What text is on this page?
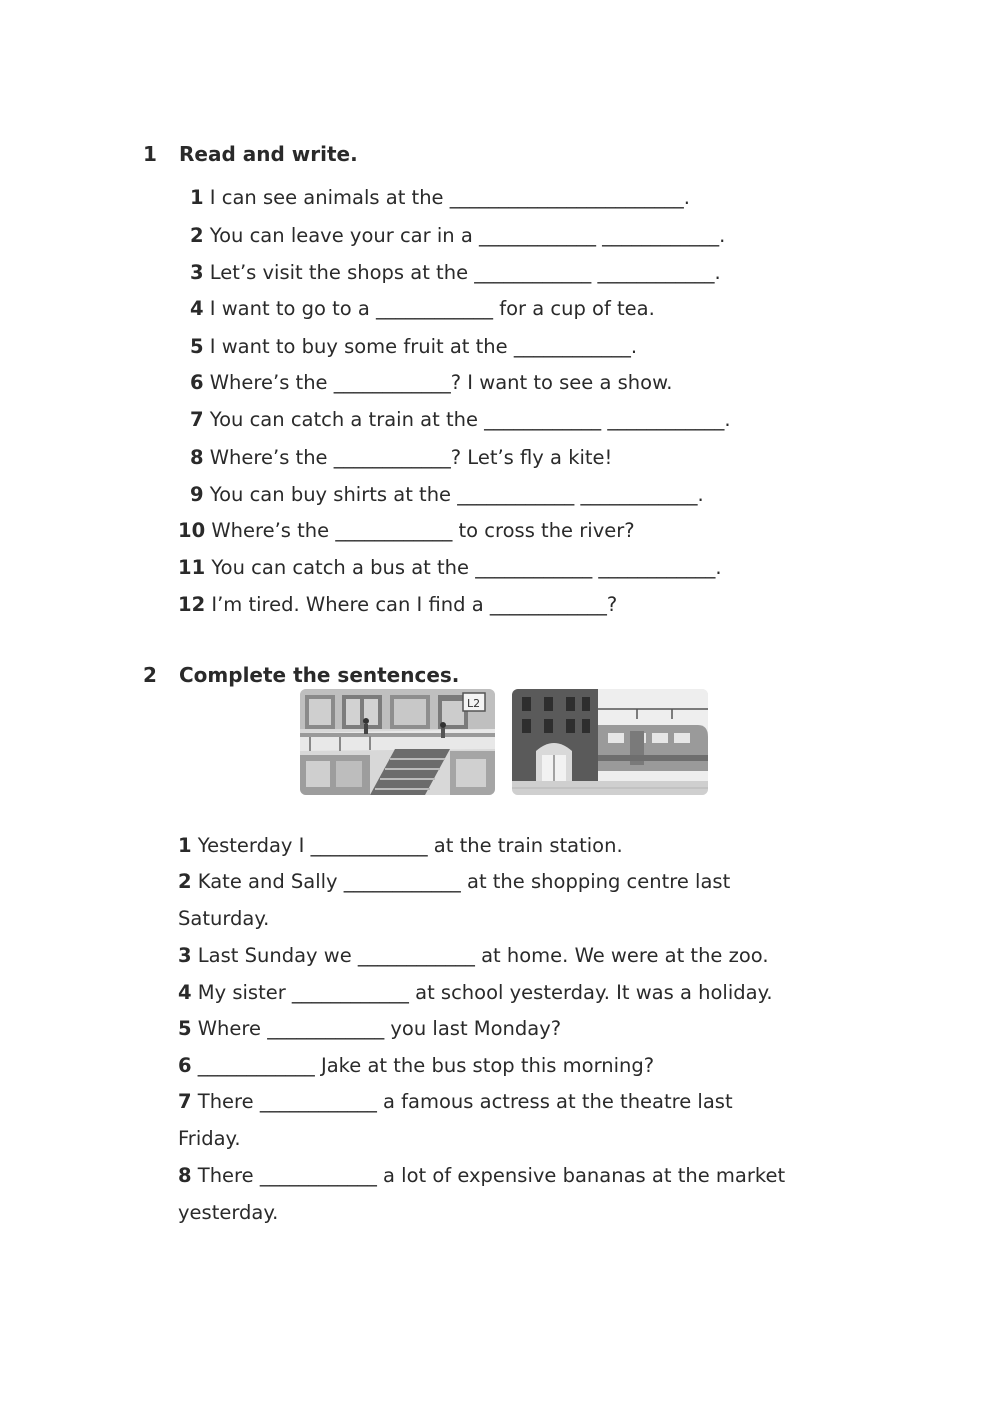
1 Read and write.
1 I can see animals at the ________________________.
2 You can leave your car in a ____________ ____________.
3 Let’s visit the shops at the ____________ ____________.
4 I want to go to a ____________ for a cup of tea.
5 I want to buy some fruit at the ____________.
6 Where’s the ____________? I want to see a show.
7 You can catch a train at the ____________ ____________.
8 Where’s the ____________? Let’s fly a kite!
9 You can buy shirts at the ____________ ____________.
10 Where’s the ____________ to cross the river?
11 You can catch a bus at the ____________ ____________.
12 I’m tired. Where can I find a ____________?
2 Complete the sentences.
L2
1 Yesterday I ____________ at the train station.
2 Kate and Sally ____________ at the shopping centre last
Saturday.
3 Last Sunday we ____________ at home. We were at the zoo.
4 My sister ____________ at school yesterday. It was a holiday.
5 Where ____________ you last Monday?
6 ____________ Jake at the bus stop this morning?
7 There ____________ a famous actress at the theatre last
Friday.
8 There ____________ a lot of expensive bananas at the market
yesterday.
